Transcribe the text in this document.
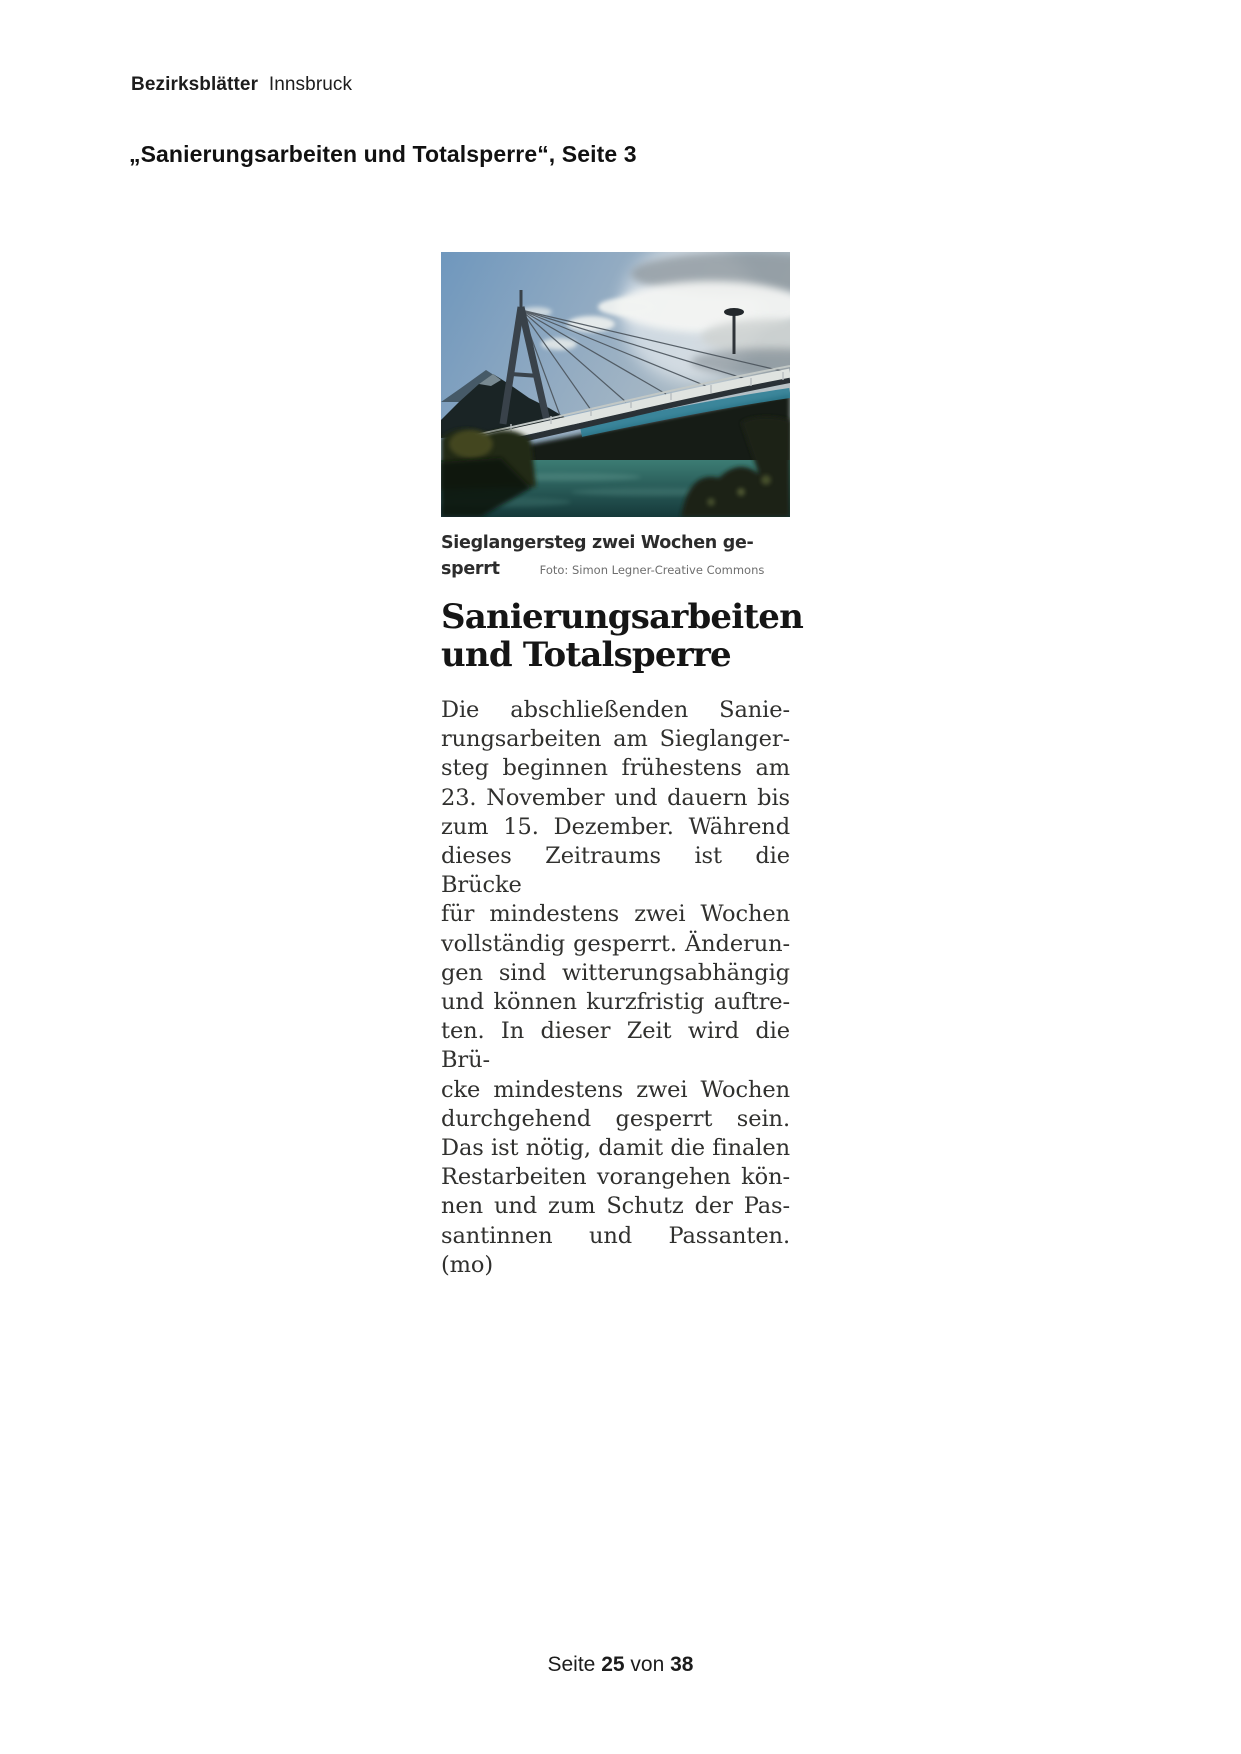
Bezirksblätter Innsbruck
„Sanierungsarbeiten und Totalsperre“, Seite 3
Sieglangersteg zwei Wochen ge-
sperrt	Foto: Simon Legner-Creative Commons
Sanierungsarbeiten
und Totalsperre
Die abschließenden Sanie-
rungsarbeiten am Sieglanger-
steg beginnen frühestens am
23. November und dauern bis
zum 15. Dezember. Während
dieses Zeitraums ist die Brücke
für mindestens zwei Wochen
vollständig gesperrt. Änderun-
gen sind witterungsabhängig
und können kurzfristig auftre-
ten. In dieser Zeit wird die Brü-
cke mindestens zwei Wochen
durchgehend gesperrt sein.
Das ist nötig, damit die finalen
Restarbeiten vorangehen kön-
nen und zum Schutz der Pas-
santinnen und Passanten. (mo)
Seite 25 von 38
